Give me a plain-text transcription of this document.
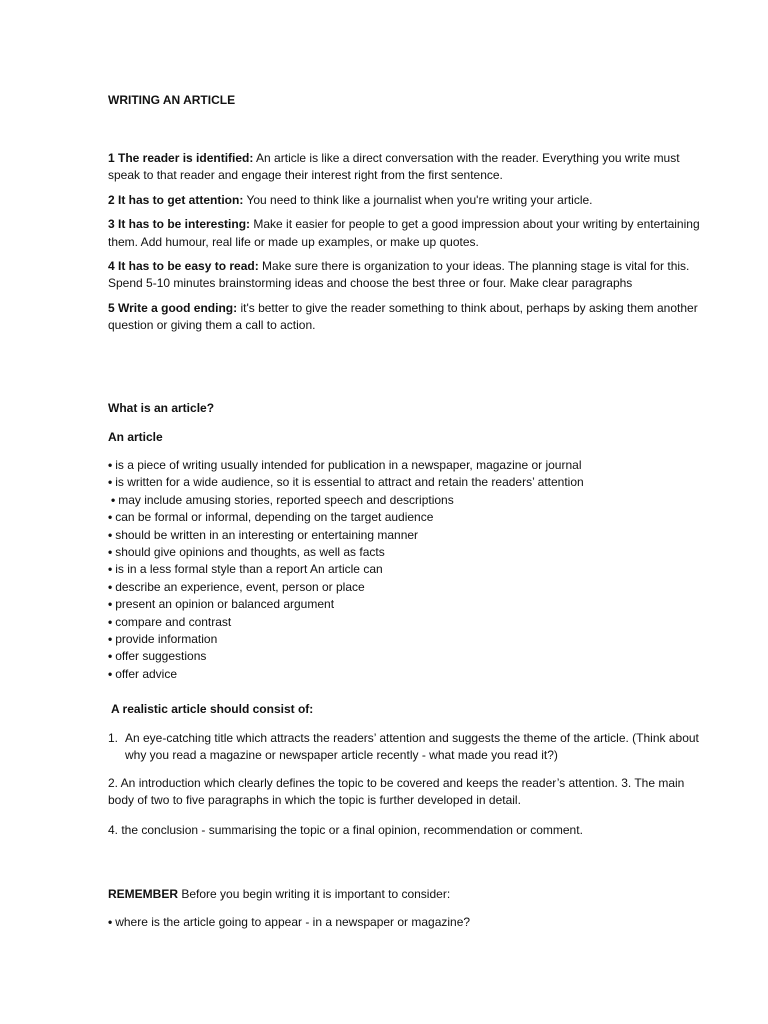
WRITING AN ARTICLE

1 The reader is identified: An article is like a direct conversation with the reader. Everything you write must speak to that reader and engage their interest right from the first sentence.

2 It has to get attention: You need to think like a journalist when you're writing your article.

3 It has to be interesting: Make it easier for people to get a good impression about your writing by entertaining them. Add humour, real life or made up examples, or make up quotes.

4 It has to be easy to read: Make sure there is organization to your ideas. The planning stage is vital for this. Spend 5-10 minutes brainstorming ideas and choose the best three or four. Make clear paragraphs

5 Write a good ending: it's better to give the reader something to think about, perhaps by asking them another question or giving them a call to action.

What is an article?
An article
• is a piece of writing usually intended for publication in a newspaper, magazine or journal
• is written for a wide audience, so it is essential to attract and retain the readers’ attention
• may include amusing stories, reported speech and descriptions
• can be formal or informal, depending on the target audience
• should be written in an interesting or entertaining manner
• should give opinions and thoughts, as well as facts
• is in a less formal style than a report An article can
• describe an experience, event, person or place
• present an opinion or balanced argument
• compare and contrast
• provide information
• offer suggestions
• offer advice
A realistic article should consist of:

1. An eye-catching title which attracts the readers’ attention and suggests the theme of the article. (Think about why you read a magazine or newspaper article recently - what made you read it?)

2. An introduction which clearly defines the topic to be covered and keeps the reader’s attention. 3. The main body of two to five paragraphs in which the topic is further developed in detail.

4. the conclusion - summarising the topic or a final opinion, recommendation or comment.

REMEMBER Before you begin writing it is important to consider:
• where is the article going to appear - in a newspaper or magazine?
